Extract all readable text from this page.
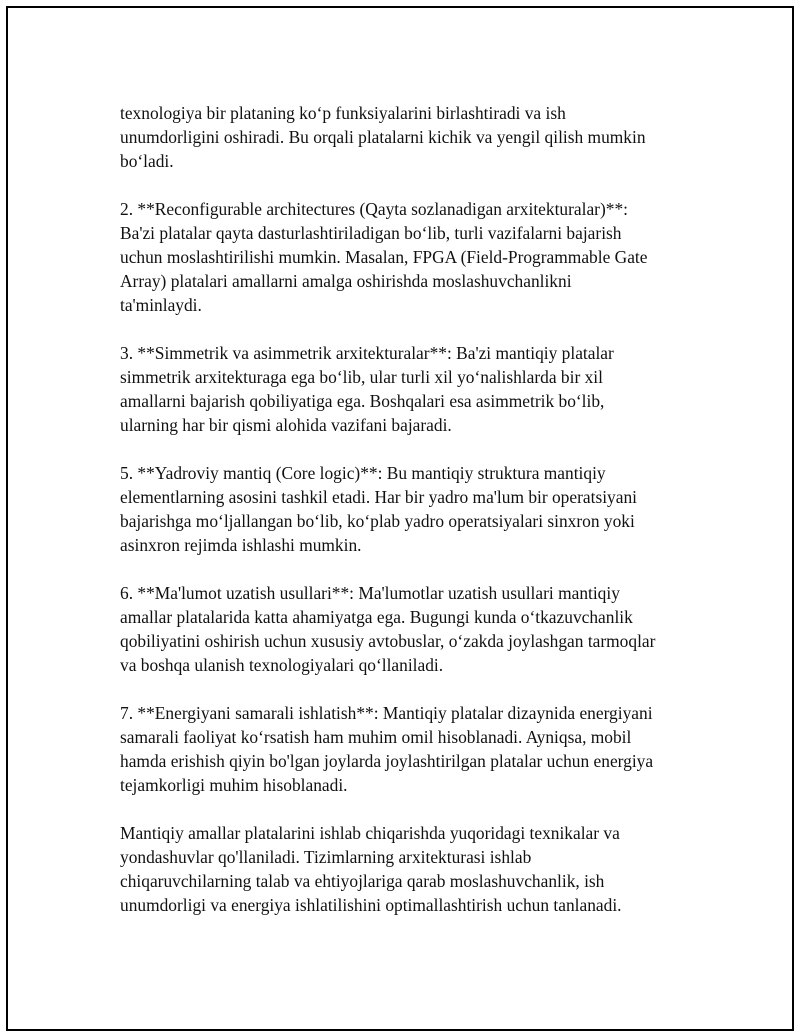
texnologiya bir plataning ko‘p funksiyalarini birlashtiradi va ish
unumdorligini oshiradi. Bu orqali platalarni kichik va yengil qilish mumkin
bo‘ladi.

2. **Reconfigurable architectures (Qayta sozlanadigan arxitekturalar)**:
Ba'zi platalar qayta dasturlashtiriladigan bo‘lib, turli vazifalarni bajarish
uchun moslashtirilishi mumkin. Masalan, FPGA (Field-Programmable Gate
Array) platalari amallarni amalga oshirishda moslashuvchanlikni
ta'minlaydi.

3. **Simmetrik va asimmetrik arxitekturalar**: Ba'zi mantiqiy platalar
simmetrik arxitekturaga ega bo‘lib, ular turli xil yo‘nalishlarda bir xil
amallarni bajarish qobiliyatiga ega. Boshqalari esa asimmetrik bo‘lib,
ularning har bir qismi alohida vazifani bajaradi.

5. **Yadroviy mantiq (Core logic)**: Bu mantiqiy struktura mantiqiy
elementlarning asosini tashkil etadi. Har bir yadro ma'lum bir operatsiyani
bajarishga mo‘ljallangan bo‘lib, ko‘plab yadro operatsiyalari sinxron yoki
asinxron rejimda ishlashi mumkin.

6. **Ma'lumot uzatish usullari**: Ma'lumotlar uzatish usullari mantiqiy
amallar platalarida katta ahamiyatga ega. Bugungi kunda o‘tkazuvchanlik
qobiliyatini oshirish uchun xususiy avtobuslar, o‘zakda joylashgan tarmoqlar
va boshqa ulanish texnologiyalari qo‘llaniladi.

7. **Energiyani samarali ishlatish**: Mantiqiy platalar dizaynida energiyani
samarali faoliyat ko‘rsatish ham muhim omil hisoblanadi. Ayniqsa, mobil
hamda erishish qiyin bo'lgan joylarda joylashtirilgan platalar uchun energiya
tejamkorligi muhim hisoblanadi.

Mantiqiy amallar platalarini ishlab chiqarishda yuqoridagi texnikalar va
yondashuvlar qo'llaniladi. Tizimlarning arxitekturasi ishlab
chiqaruvchilarning talab va ehtiyojlariga qarab moslashuvchanlik, ish
unumdorligi va energiya ishlatilishini optimallashtirish uchun tanlanadi.
